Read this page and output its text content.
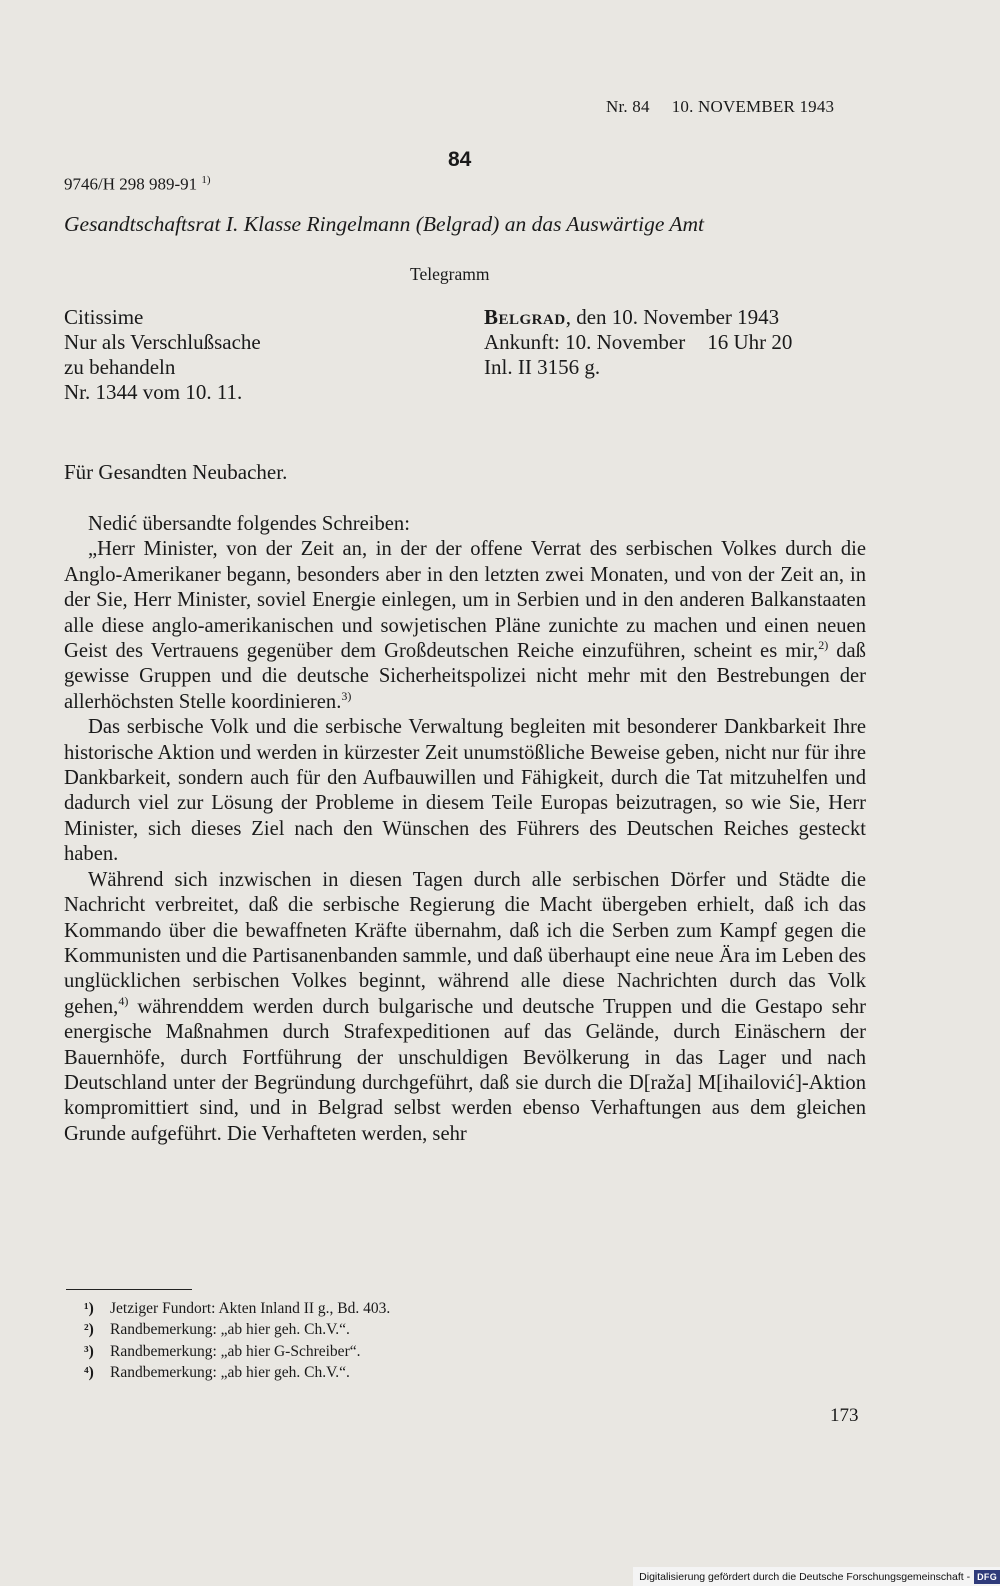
Nr. 84 10. NOVEMBER 1943
84
9746/H 298 989-91 $^{1)}$
Gesandtschaftsrat I. Klasse Ringelmann (Belgrad) an das Auswärtige Amt
Telegramm
Citissime
Nur als Verschlußsache
zu behandeln
Nr. 1344 vom 10. 11.
Belgrad, den 10. November 1943
Ankunft: 10. November 16 Uhr 20
Inl. II 3156 g.
Für Gesandten Neubacher.

Nedić übersandte folgendes Schreiben:

„Herr Minister, von der Zeit an, in der der offene Verrat des serbischen Volkes durch die Anglo-Amerikaner begann, besonders aber in den letzten zwei Monaten, und von der Zeit an, in der Sie, Herr Minister, soviel Energie einlegen, um in Serbien und in den anderen Balkanstaaten alle diese anglo-amerikanischen und sowjetischen Pläne zunichte zu machen und einen neuen Geist des Vertrauens gegenüber dem Großdeutschen Reiche einzuführen, scheint es mir,$^{2)}$ daß gewisse Gruppen und die deutsche Sicherheitspolizei nicht mehr mit den Bestrebungen der allerhöchsten Stelle koordinieren.$^{3)}$

Das serbische Volk und die serbische Verwaltung begleiten mit besonderer Dankbarkeit Ihre historische Aktion und werden in kürzester Zeit unumstößliche Beweise geben, nicht nur für ihre Dankbarkeit, sondern auch für den Aufbauwillen und Fähigkeit, durch die Tat mitzuhelfen und dadurch viel zur Lösung der Probleme in diesem Teile Europas beizutragen, so wie Sie, Herr Minister, sich dieses Ziel nach den Wünschen des Führers des Deutschen Reiches gesteckt haben.

Während sich inzwischen in diesen Tagen durch alle serbischen Dörfer und Städte die Nachricht verbreitet, daß die serbische Regierung die Macht übergeben erhielt, daß ich das Kommando über die bewaffneten Kräfte übernahm, daß ich die Serben zum Kampf gegen die Kommunisten und die Partisanenbanden sammle, und daß überhaupt eine neue Ära im Leben des unglücklichen serbischen Volkes beginnt, während alle diese Nachrichten durch das Volk gehen,$^{4)}$ währenddem werden durch bulgarische und deutsche Truppen und die Gestapo sehr energische Maßnahmen durch Strafexpeditionen auf das Gelände, durch Einäschern der Bauernhöfe, durch Fortführung der unschuldigen Bevölkerung in das Lager und nach Deutschland unter der Begründung durchgeführt, daß sie durch die D[raža] M[ihailović]-Aktion kompromittiert sind, und in Belgrad selbst werden ebenso Verhaftungen aus dem gleichen Grunde aufgeführt. Die Verhafteten werden, sehr

¹) Jetziger Fundort: Akten Inland II g., Bd. 403.
²) Randbemerkung: „ab hier geh. Ch.V.“.
³) Randbemerkung: „ab hier G-Schreiber“.
⁴) Randbemerkung: „ab hier geh. Ch.V.“.
173
Digitalisierung gefördert durch die Deutsche Forschungsgemeinschaft - DFG
